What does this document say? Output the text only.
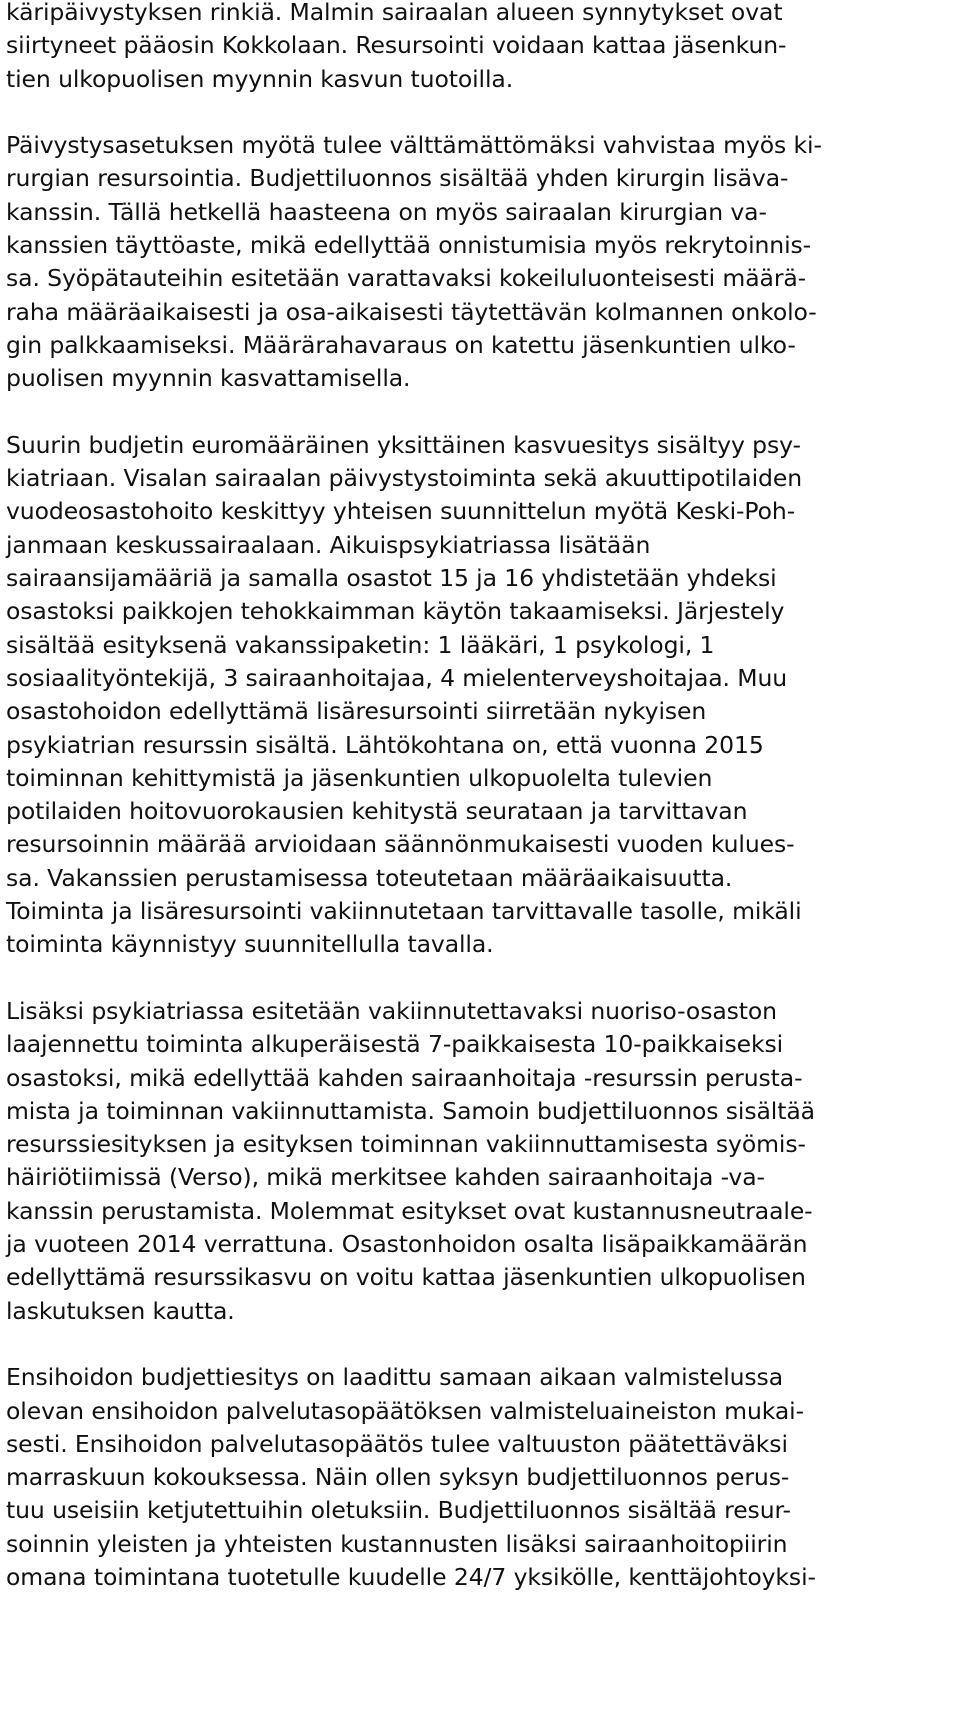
käripäivystyksen rinkiä. Malmin sairaalan alueen synnytykset ovat
siirtyneet pääosin Kokkolaan. Resursointi voidaan kattaa jäsenkun-
tien ulkopuolisen myynnin kasvun tuotoilla.
Päivystysasetuksen myötä tulee välttämättömäksi vahvistaa myös ki-
rurgian resursointia. Budjettiluonnos sisältää yhden kirurgin lisäva-
kanssin. Tällä hetkellä haasteena on myös sairaalan kirurgian va-
kanssien täyttöaste, mikä edellyttää onnistumisia myös rekrytoinnis-
sa. Syöpätauteihin esitetään varattavaksi kokeiluluonteisesti määrä-
raha määräaikaisesti ja osa-aikaisesti täytettävän kolmannen onkolo-
gin palkkaamiseksi. Määrärahavaraus on katettu jäsenkuntien ulko-
puolisen myynnin kasvattamisella.
Suurin budjetin euromääräinen yksittäinen kasvuesitys sisältyy psy-
kiatriaan. Visalan sairaalan päivystystoiminta sekä akuuttipotilaiden
vuodeosastohoito keskittyy yhteisen suunnittelun myötä Keski-Poh-
janmaan keskussairaalaan. Aikuispsykiatriassa lisätään
sairaansijamääriä ja samalla osastot 15 ja 16 yhdistetään yhdeksi
osastoksi paikkojen tehokkaimman käytön takaamiseksi. Järjestely
sisältää esityksenä vakanssipaketin: 1 lääkäri, 1 psykologi, 1
sosiaalityöntekijä, 3 sairaanhoitajaa, 4 mielenterveyshoitajaa. Muu
osastohoidon edellyttämä lisäresursointi siirretään nykyisen
psykiatrian resurssin sisältä. Lähtökohtana on, että vuonna 2015
toiminnan kehittymistä ja jäsenkuntien ulkopuolelta tulevien
potilaiden hoitovuorokausien kehitystä seurataan ja tarvittavan
resursoinnin määrää arvioidaan säännönmukaisesti vuoden kulues-
sa. Vakanssien perustamisessa toteutetaan määräaikaisuutta.
Toiminta ja lisäresursointi vakiinnutetaan tarvittavalle tasolle, mikäli
toiminta käynnistyy suunnitellulla tavalla.
Lisäksi psykiatriassa esitetään vakiinnutettavaksi nuoriso-osaston
laajennettu toiminta alkuperäisestä 7-paikkaisesta 10-paikkaiseksi
osastoksi, mikä edellyttää kahden sairaanhoitaja -resurssin perusta-
mista ja toiminnan vakiinnuttamista. Samoin budjettiluonnos sisältää
resurssiesityksen ja esityksen toiminnan vakiinnuttamisesta syömis-
häiriötiimissä (Verso), mikä merkitsee kahden sairaanhoitaja -va-
kanssin perustamista. Molemmat esitykset ovat kustannusneutraale-
ja vuoteen 2014 verrattuna. Osastonhoidon osalta lisäpaikkamäärän
edellyttämä resurssikasvu on voitu kattaa jäsenkuntien ulkopuolisen
laskutuksen kautta.
Ensihoidon budjettiesitys on laadittu samaan aikaan valmistelussa
olevan ensihoidon palvelutasopäätöksen valmisteluaineiston mukai-
sesti. Ensihoidon palvelutasopäätös tulee valtuuston päätettäväksi
marraskuun kokouksessa. Näin ollen syksyn budjettiluonnos perus-
tuu useisiin ketjutettuihin oletuksiin. Budjettiluonnos sisältää resur-
soinnin yleisten ja yhteisten kustannusten lisäksi sairaanhoitopiirin
omana toimintana tuotetulle kuudelle 24/7 yksikölle, kenttäjohtoyksi-
